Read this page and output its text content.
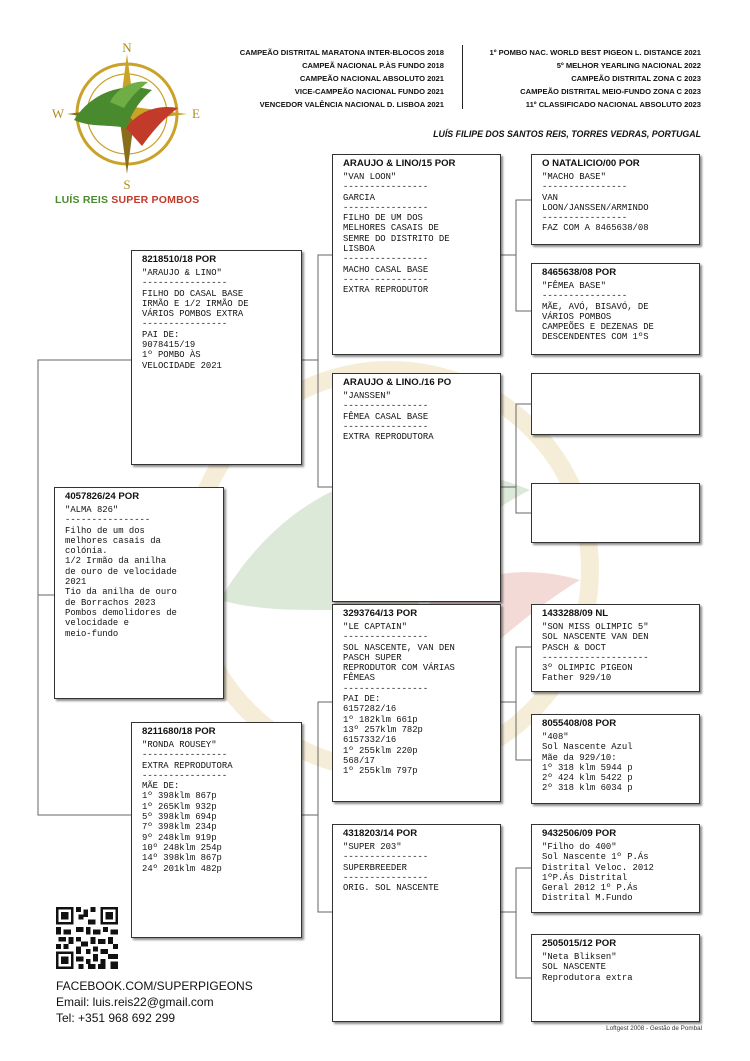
N
S
W	E
LUÍS REIS SUPER POMBOS
CAMPEÃO DISTRITAL MARATONA INTER-BLOCOS 2018
CAMPEÃ NACIONAL P.ÀS FUNDO 2018
CAMPEÃO NACIONAL ABSOLUTO 2021
VICE-CAMPEÃO NACIONAL FUNDO 2021
VENCEDOR VALÊNCIA NACIONAL D. LISBOA 2021
1º POMBO NAC. WORLD BEST PIGEON L. DISTANCE 2021
5º MELHOR YEARLING NACIONAL 2022
CAMPEÃO DISTRITAL ZONA C 2023
CAMPEÃO DISTRITAL MEIO-FUNDO ZONA C 2023
11º CLASSIFICADO NACIONAL ABSOLUTO 2023
LUÍS FILIPE DOS SANTOS REIS, TORRES VEDRAS, PORTUGAL
4057826/24 POR
"ALMA 826"
----------------
Filho de um dos
melhores casais da
colónia.
1/2 Irmão da anilha
de ouro de velocidade
2021
Tio da anilha de ouro
de Borrachos 2023
Pombos demolidores de
velocidade e
meio-fundo
8218510/18 POR
"ARAUJO & LINO"
----------------
FILHO DO CASAL BASE
IRMÃO E 1/2 IRMÃO DE
VÁRIOS POMBOS EXTRA
----------------
PAI DE:
9078415/19
1º POMBO ÀS
VELOCIDADE 2021
8211680/18 POR
"RONDA ROUSEY"
----------------
EXTRA REPRODUTORA
----------------
MÃE DE:
1º 398klm 867p
1º 265Klm 932p
5º 398klm 694p
7º 398klm 234p
9º 248klm 919p
10º 248klm 254p
14º 398klm 867p
24º 201klm 482p
ARAUJO & LINO/15 POR
"VAN LOON"
----------------
GARCIA
----------------
FILHO DE UM DOS
MELHORES CASAIS DE
SEMRE DO DISTRITO DE
LISBOA
----------------
MACHO CASAL BASE
----------------
EXTRA REPRODUTOR
ARAUJO & LINO./16 PO
"JANSSEN"
----------------
FÊMEA CASAL BASE
----------------
EXTRA REPRODUTORA
3293764/13 POR
"LE CAPTAIN"
----------------
SOL NASCENTE, VAN DEN
PASCH SUPER
REPRODUTOR COM VÁRIAS
FÊMEAS
----------------
PAI DE:
6157282/16
1º 182klm 661p
13º 257klm 782p
6157332/16
1º 255klm 220p
568/17
1º 255klm 797p
4318203/14 POR
"SUPER 203"
----------------
SUPERBREEDER
----------------
ORIG. SOL NASCENTE
O NATALICIO/00 POR
"MACHO BASE"
----------------
VAN
LOON/JANSSEN/ARMINDO
----------------
FAZ COM A 8465638/08
8465638/08 POR
"FÊMEA BASE"
----------------
MÃE, AVÓ, BISAVÓ, DE
VÁRIOS POMBOS
CAMPEÕES E DEZENAS DE
DESCENDENTES COM 1ºS
1433288/09 NL
"SON MISS OLIMPIC 5"
SOL NASCENTE VAN DEN
PASCH & DOCT
--------------------
3º OLIMPIC PIGEON
Father 929/10
8055408/08 POR
"408"
Sol Nascente Azul
Mãe da 929/10:
1º 318 klm 5944 p
2º 424 klm 5422 p
2º 318 klm 6034 p
9432506/09 POR
"Filho do 400"
Sol Nascente 1º P.Ás
Distrital Veloc. 2012
1ºP.Ás Distrital
Geral 2012 1º P.Ás
Distrital M.Fundo
2505015/12 POR
"Neta Bliksen"
SOL NASCENTE
Reprodutora extra
FACEBOOK.COM/SUPERPIGEONS
Email: luis.reis22@gmail.com
Tel: +351 968 692 299
Loftgest 2008 - Gestão de Pombal
